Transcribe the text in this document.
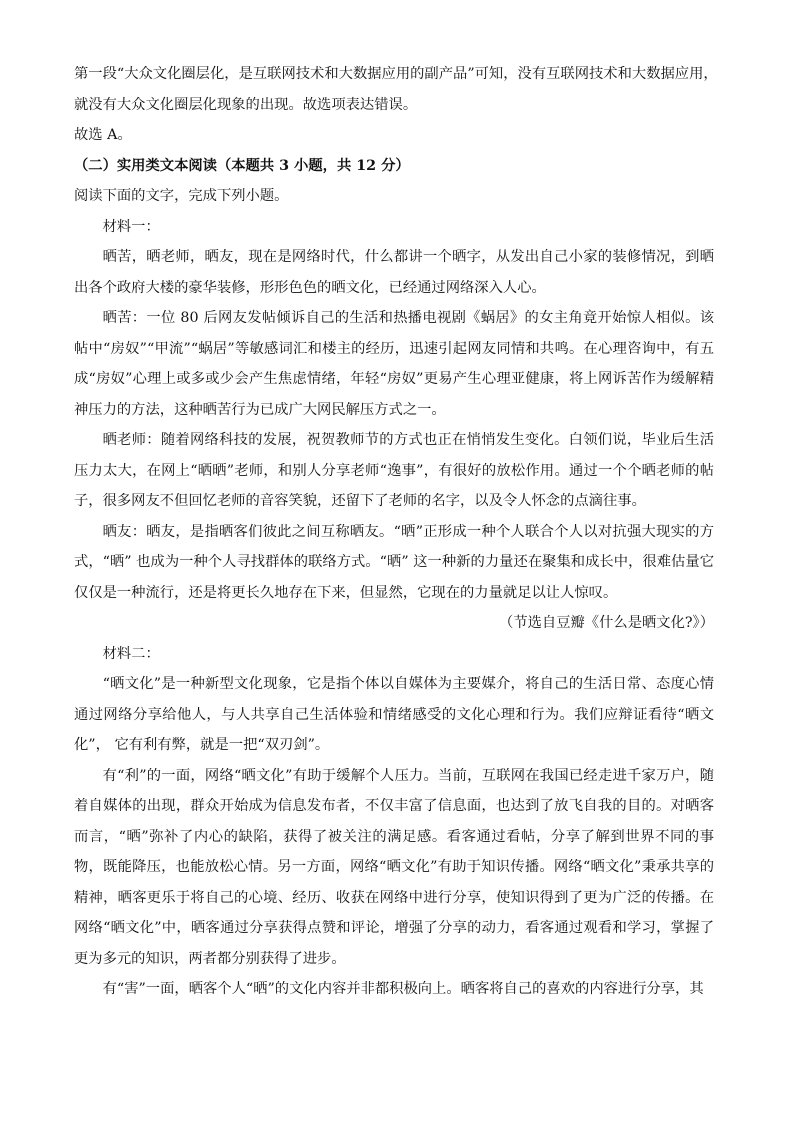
第一段“大众文化圈层化，是互联网技术和大数据应用的副产品”可知，没有互联网技术和大数据应用，
就没有大众文化圈层化现象的出现。故选项表达错误。
故选 A。
（二）实用类文本阅读（本题共 3 小题，共 12 分）
阅读下面的文字，完成下列小题。
材料一：
晒苦，晒老师，晒友，现在是网络时代，什么都讲一个晒字，从发出自己小家的装修情况，到晒出各个政府大楼的豪华装修，形形色色的晒文化，已经通过网络深入人心。
晒苦：一位 80 后网友发帖倾诉自己的生活和热播电视剧《蜗居》的女主角竟开始惊人相似。该帖中“房奴”“甲流”“蜗居”等敏感词汇和楼主的经历，迅速引起网友同情和共鸣。在心理咨询中，有五成“房奴”心理上或多或少会产生焦虑情绪，年轻“房奴”更易产生心理亚健康，将上网诉苦作为缓解精神压力的方法，这种晒苦行为已成广大网民解压方式之一。
晒老师：随着网络科技的发展，祝贺教师节的方式也正在悄悄发生变化。白领们说，毕业后生活压力太大，在网上“晒晒”老师，和别人分享老师“逸事”，有很好的放松作用。通过一个个晒老师的帖子，很多网友不但回忆老师的音容笑貌，还留下了老师的名字，以及令人怀念的点滴往事。
晒友：晒友，是指晒客们彼此之间互称晒友。“晒”正形成一种个人联合个人以对抗强大现实的方式，“晒” 也成为一种个人寻找群体的联络方式。“晒” 这一种新的力量还在聚集和成长中，很难估量它仅仅是一种流行，还是将更长久地存在下来，但显然，它现在的力量就足以让人惊叹。
（节选自豆瓣《什么是晒文化?》）
材料二：
“晒文化”是一种新型文化现象，它是指个体以自媒体为主要媒介，将自己的生活日常、态度心情通过网络分享给他人，与人共享自己生活体验和情绪感受的文化心理和行为。我们应辩证看待“晒文化”， 它有利有弊，就是一把“双刃剑”。
有“利”的一面，网络“晒文化”有助于缓解个人压力。当前，互联网在我国已经走进千家万户，随着自媒体的出现，群众开始成为信息发布者，不仅丰富了信息面，也达到了放飞自我的目的。对晒客而言，“晒”弥补了内心的缺陷，获得了被关注的满足感。看客通过看帖，分享了解到世界不同的事物，既能降压，也能放松心情。另一方面，网络“晒文化”有助于知识传播。网络“晒文化”秉承共享的精神，晒客更乐于将自己的心境、经历、收获在网络中进行分享，使知识得到了更为广泛的传播。在网络“晒文化”中，晒客通过分享获得点赞和评论，增强了分享的动力，看客通过观看和学习，掌握了更为多元的知识，两者都分别获得了进步。
有“害”一面，晒客个人“晒”的文化内容并非都积极向上。晒客将自己的喜欢的内容进行分享，其
